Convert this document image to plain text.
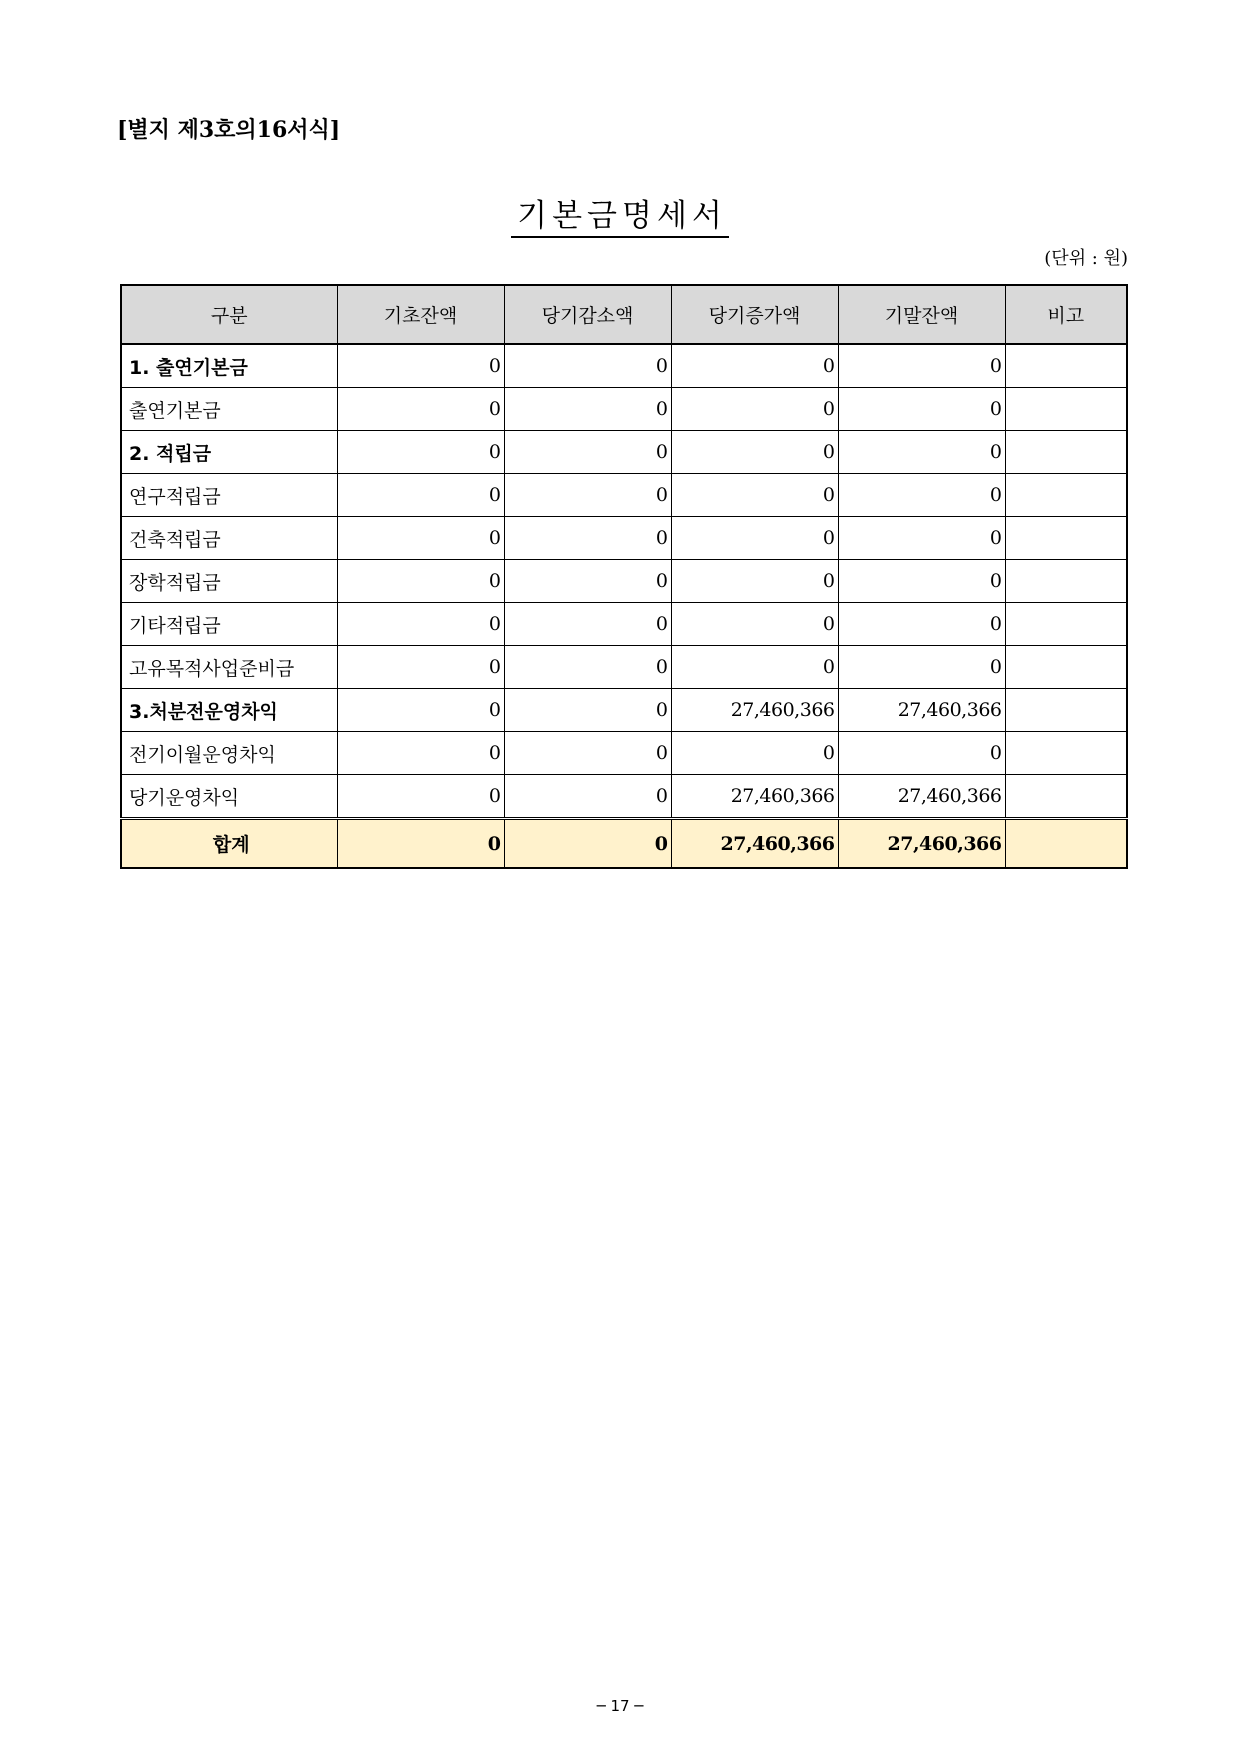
[별지 제3호의16서식]
기본금명세서
(단위 : 원)
구분	기초잔액	당기감소액	당기증가액	기말잔액	비고
1. 출연기본금	0	0	0	0	
출연기본금	0	0	0	0	
2. 적립금	0	0	0	0	
연구적립금	0	0	0	0	
건축적립금	0	0	0	0	
장학적립금	0	0	0	0	
기타적립금	0	0	0	0	
고유목적사업준비금	0	0	0	0	
3.처분전운영차익	0	0	27,460,366	27,460,366	
전기이월운영차익	0	0	0	0	
당기운영차익	0	0	27,460,366	27,460,366	
합계	0	0	27,460,366	27,460,366	
─ 17 ─
